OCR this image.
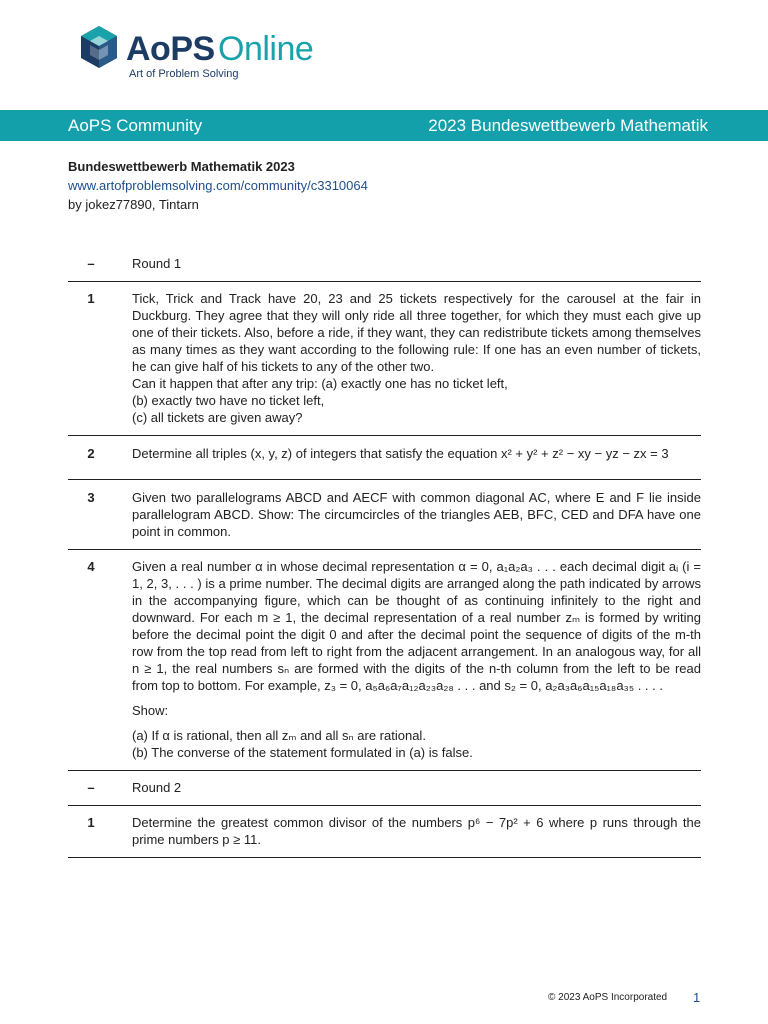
AoPS Online
Art of Problem Solving
AoPS Community	2023 Bundeswettbewerb Mathematik
Bundeswettbewerb Mathematik 2023
www.artofproblemsolving.com/community/c3310064
by jokez77890, Tintarn
–	Round 1
1	Tick, Trick and Track have 20, 23 and 25 tickets respectively for the carousel at the fair in Duckburg. They agree that they will only ride all three together, for which they must each give up one of their tickets. Also, before a ride, if they want, they can redistribute tickets among themselves as many times as they want according to the following rule: If one has an even number of tickets, he can give half of his tickets to any of the other two.
Can it happen that after any trip: (a) exactly one has no ticket left,
(b) exactly two have no ticket left,
(c) all tickets are given away?
2	Determine all triples (x, y, z) of integers that satisfy the equation x² + y² + z² − xy − yz − zx = 3
3	Given two parallelograms ABCD and AECF with common diagonal AC, where E and F lie inside parallelogram ABCD. Show: The circumcircles of the triangles AEB, BFC, CED and DFA have one point in common.
4	Given a real number α in whose decimal representation α = 0, a₁a₂a₃ . . . each decimal digit aᵢ (i = 1, 2, 3, . . . ) is a prime number. The decimal digits are arranged along the path indicated by arrows in the accompanying figure, which can be thought of as continuing infinitely to the right and downward. For each m ≥ 1, the decimal representation of a real number zₘ is formed by writing before the decimal point the digit 0 and after the decimal point the sequence of digits of the m-th row from the top read from left to right from the adjacent arrangement. In an analogous way, for all n ≥ 1, the real numbers sₙ are formed with the digits of the n-th column from the left to be read from top to bottom. For example, z₃ = 0, a₅a₆a₇a₁₂a₂₃a₂₈ . . . and s₂ = 0, a₂a₃a₆a₁₅a₁₈a₃₅ . . . .
Show:
(a) If α is rational, then all zₘ and all sₙ are rational.
(b) The converse of the statement formulated in (a) is false.
–	Round 2
1	Determine the greatest common divisor of the numbers p⁶ − 7p² + 6 where p runs through the prime numbers p ≥ 11.
© 2023 AoPS Incorporated 1
